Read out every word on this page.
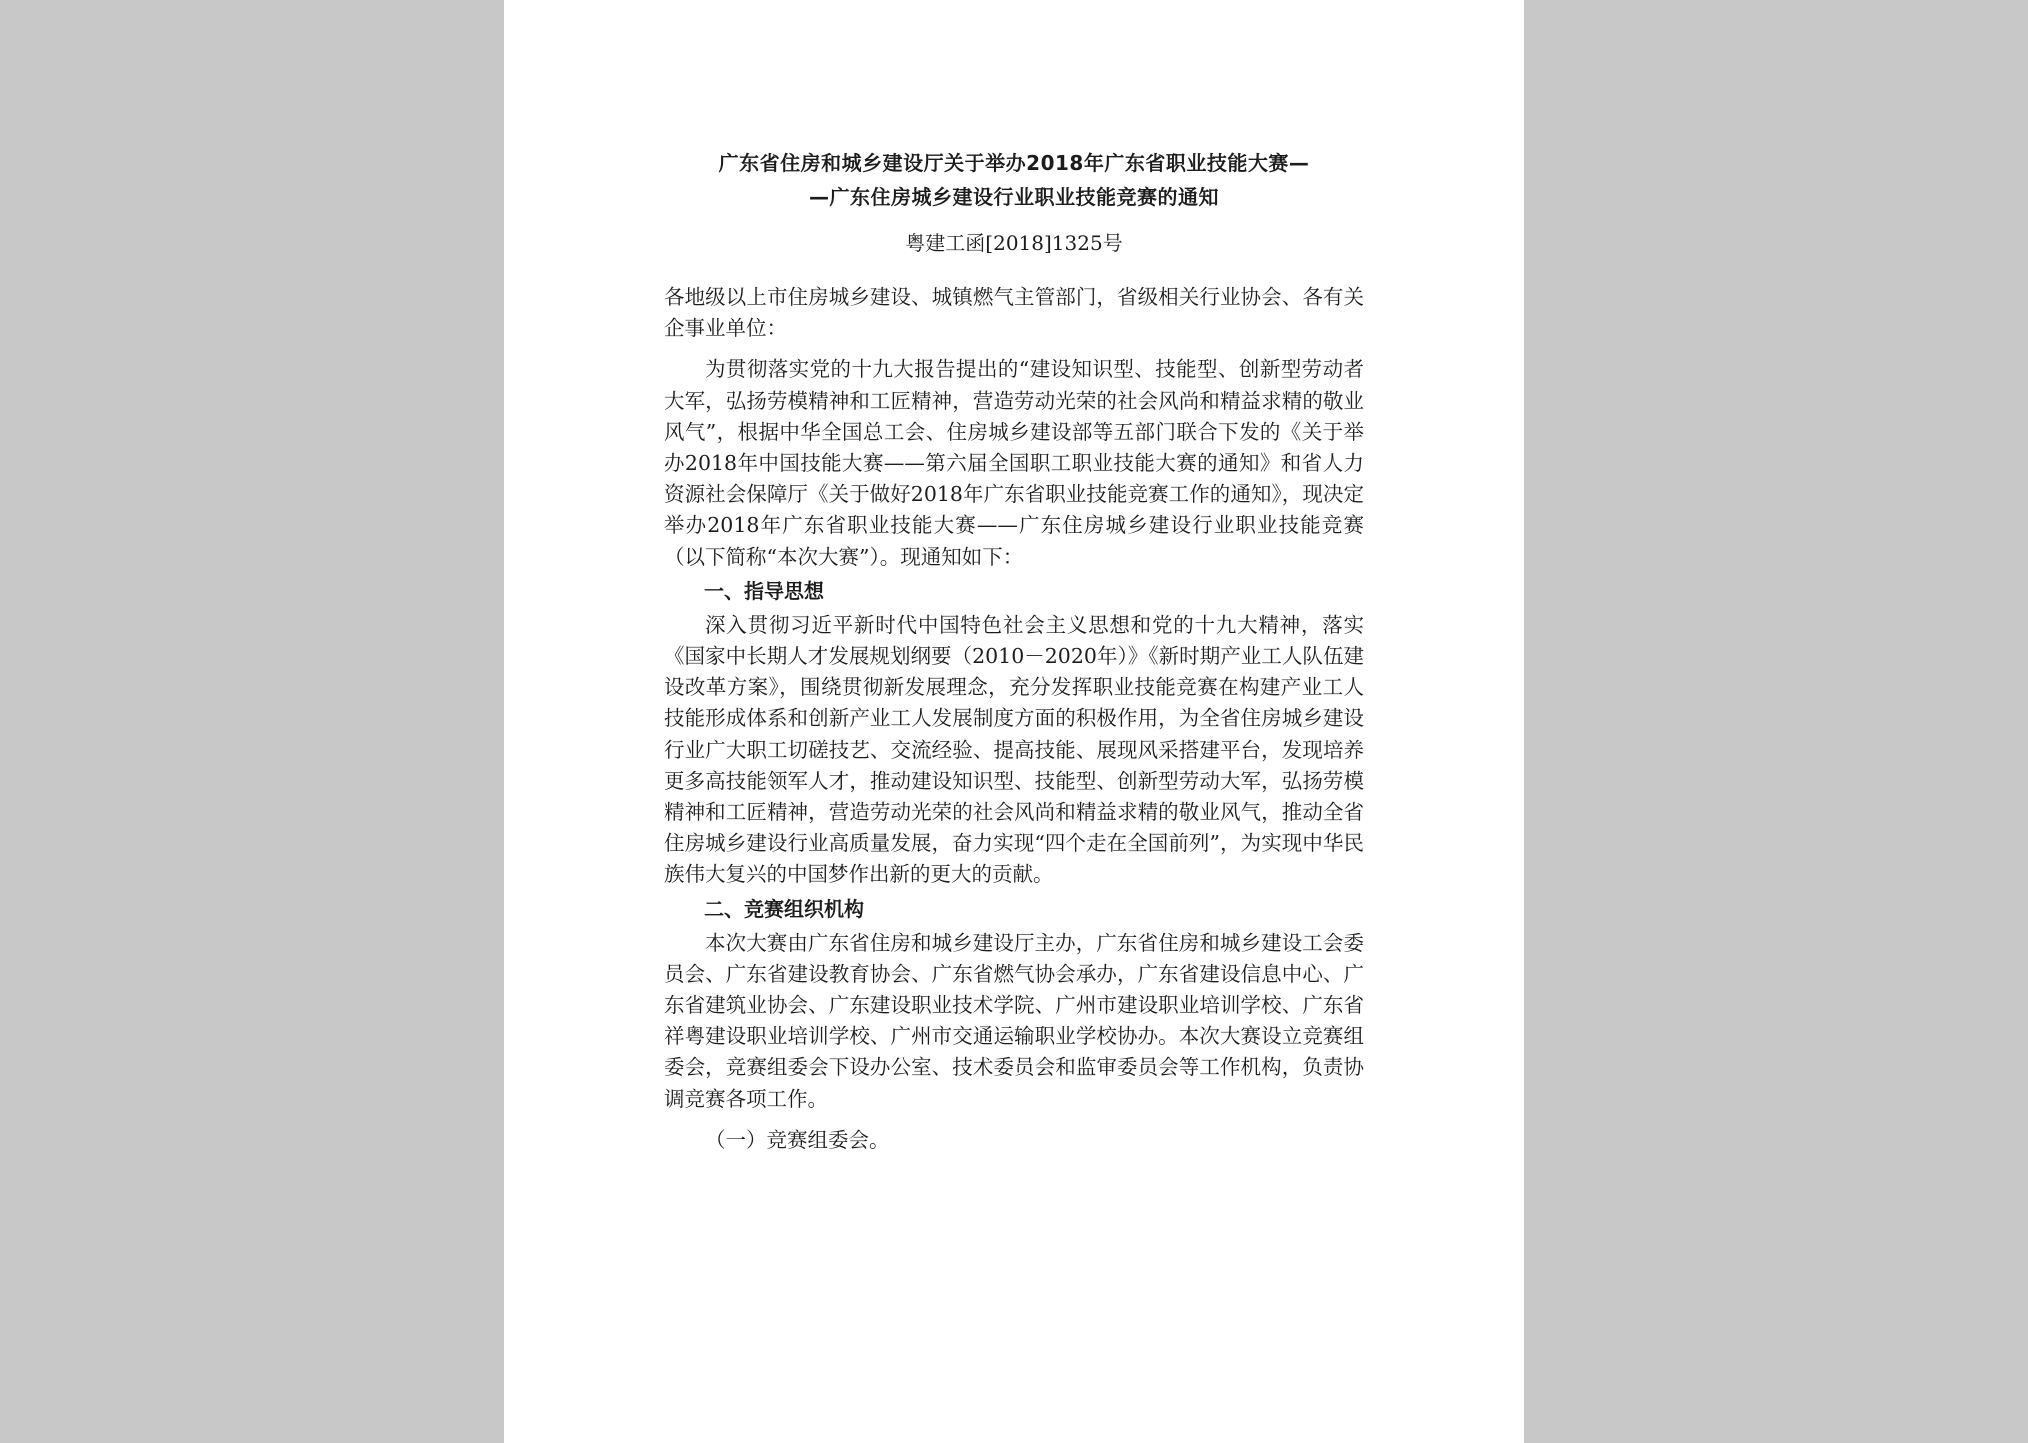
广东省住房和城乡建设厅关于举办2018年广东省职业技能大赛—
—广东住房城乡建设行业职业技能竞赛的通知

粤建工函[2018]1325号

各地级以上市住房城乡建设、城镇燃气主管部门，省级相关行业协会、各有关企事业单位：

为贯彻落实党的十九大报告提出的“建设知识型、技能型、创新型劳动者大军，弘扬劳模精神和工匠精神，营造劳动光荣的社会风尚和精益求精的敬业风气”，根据中华全国总工会、住房城乡建设部等五部门联合下发的《关于举办2018年中国技能大赛——第六届全国职工职业技能大赛的通知》和省人力资源社会保障厅《关于做好2018年广东省职业技能竞赛工作的通知》，现决定举办2018年广东省职业技能大赛——广东住房城乡建设行业职业技能竞赛（以下简称“本次大赛”）。现通知如下：

一、指导思想

深入贯彻习近平新时代中国特色社会主义思想和党的十九大精神，落实《国家中长期人才发展规划纲要（2010－2020年）》《新时期产业工人队伍建设改革方案》，围绕贯彻新发展理念，充分发挥职业技能竞赛在构建产业工人技能形成体系和创新产业工人发展制度方面的积极作用，为全省住房城乡建设行业广大职工切磋技艺、交流经验、提高技能、展现风采搭建平台，发现培养更多高技能领军人才，推动建设知识型、技能型、创新型劳动大军，弘扬劳模精神和工匠精神，营造劳动光荣的社会风尚和精益求精的敬业风气，推动全省住房城乡建设行业高质量发展，奋力实现“四个走在全国前列”，为实现中华民族伟大复兴的中国梦作出新的更大的贡献。

二、竞赛组织机构

本次大赛由广东省住房和城乡建设厅主办，广东省住房和城乡建设工会委员会、广东省建设教育协会、广东省燃气协会承办，广东省建设信息中心、广东省建筑业协会、广东建设职业技术学院、广州市建设职业培训学校、广东省祥粤建设职业培训学校、广州市交通运输职业学校协办。本次大赛设立竞赛组委会，竞赛组委会下设办公室、技术委员会和监审委员会等工作机构，负责协调竞赛各项工作。

（一）竞赛组委会。
